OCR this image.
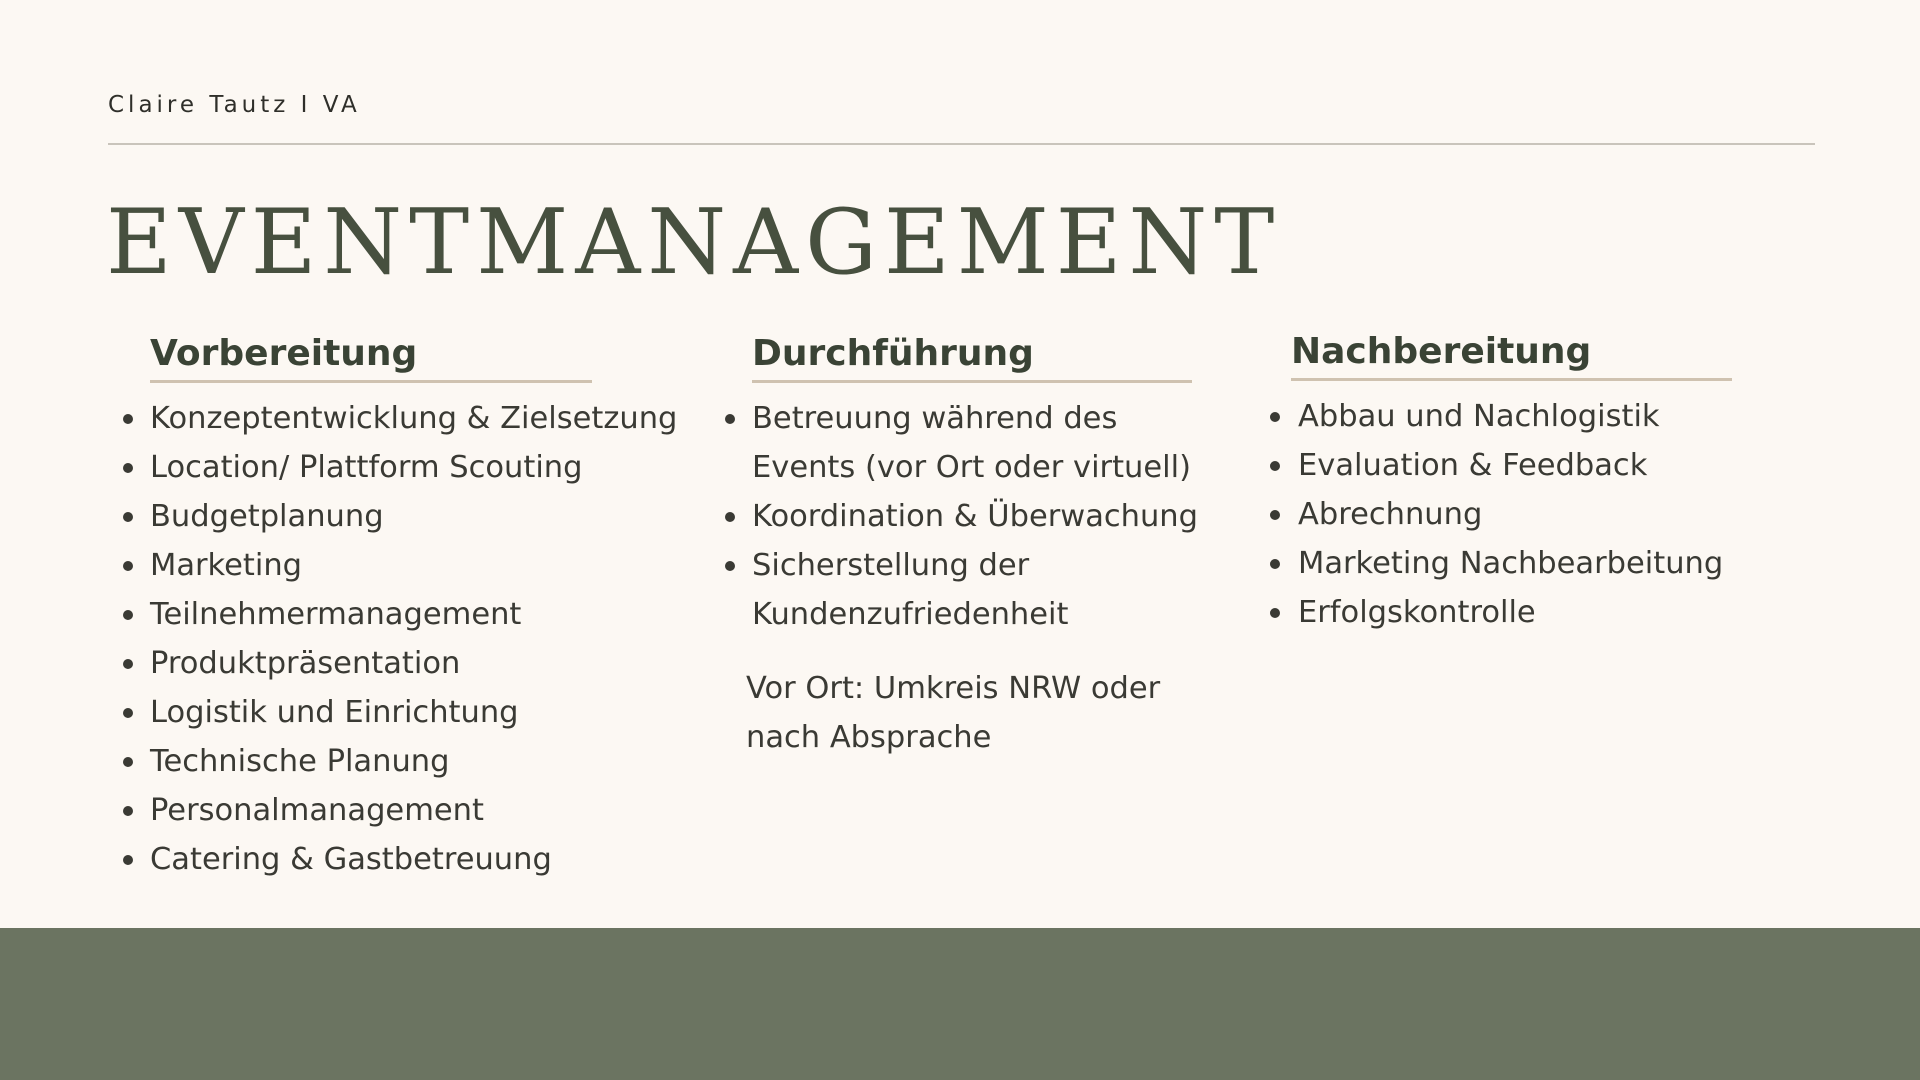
Claire Tautz I VA
EVENTMANAGEMENT
Vorbereitung
Konzeptentwicklung & Zielsetzung
Location/ Plattform Scouting
Budgetplanung
Marketing
Teilnehmermanagement
Produktpräsentation
Logistik und Einrichtung
Technische Planung
Personalmanagement
Catering & Gastbetreuung
Durchführung
Betreuung während des
Events (vor Ort oder virtuell)
Koordination & Überwachung
Sicherstellung der
Kundenzufriedenheit
Vor Ort: Umkreis NRW oder
nach Absprache
Nachbereitung
Abbau und Nachlogistik
Evaluation & Feedback
Abrechnung
Marketing Nachbearbeitung
Erfolgskontrolle
